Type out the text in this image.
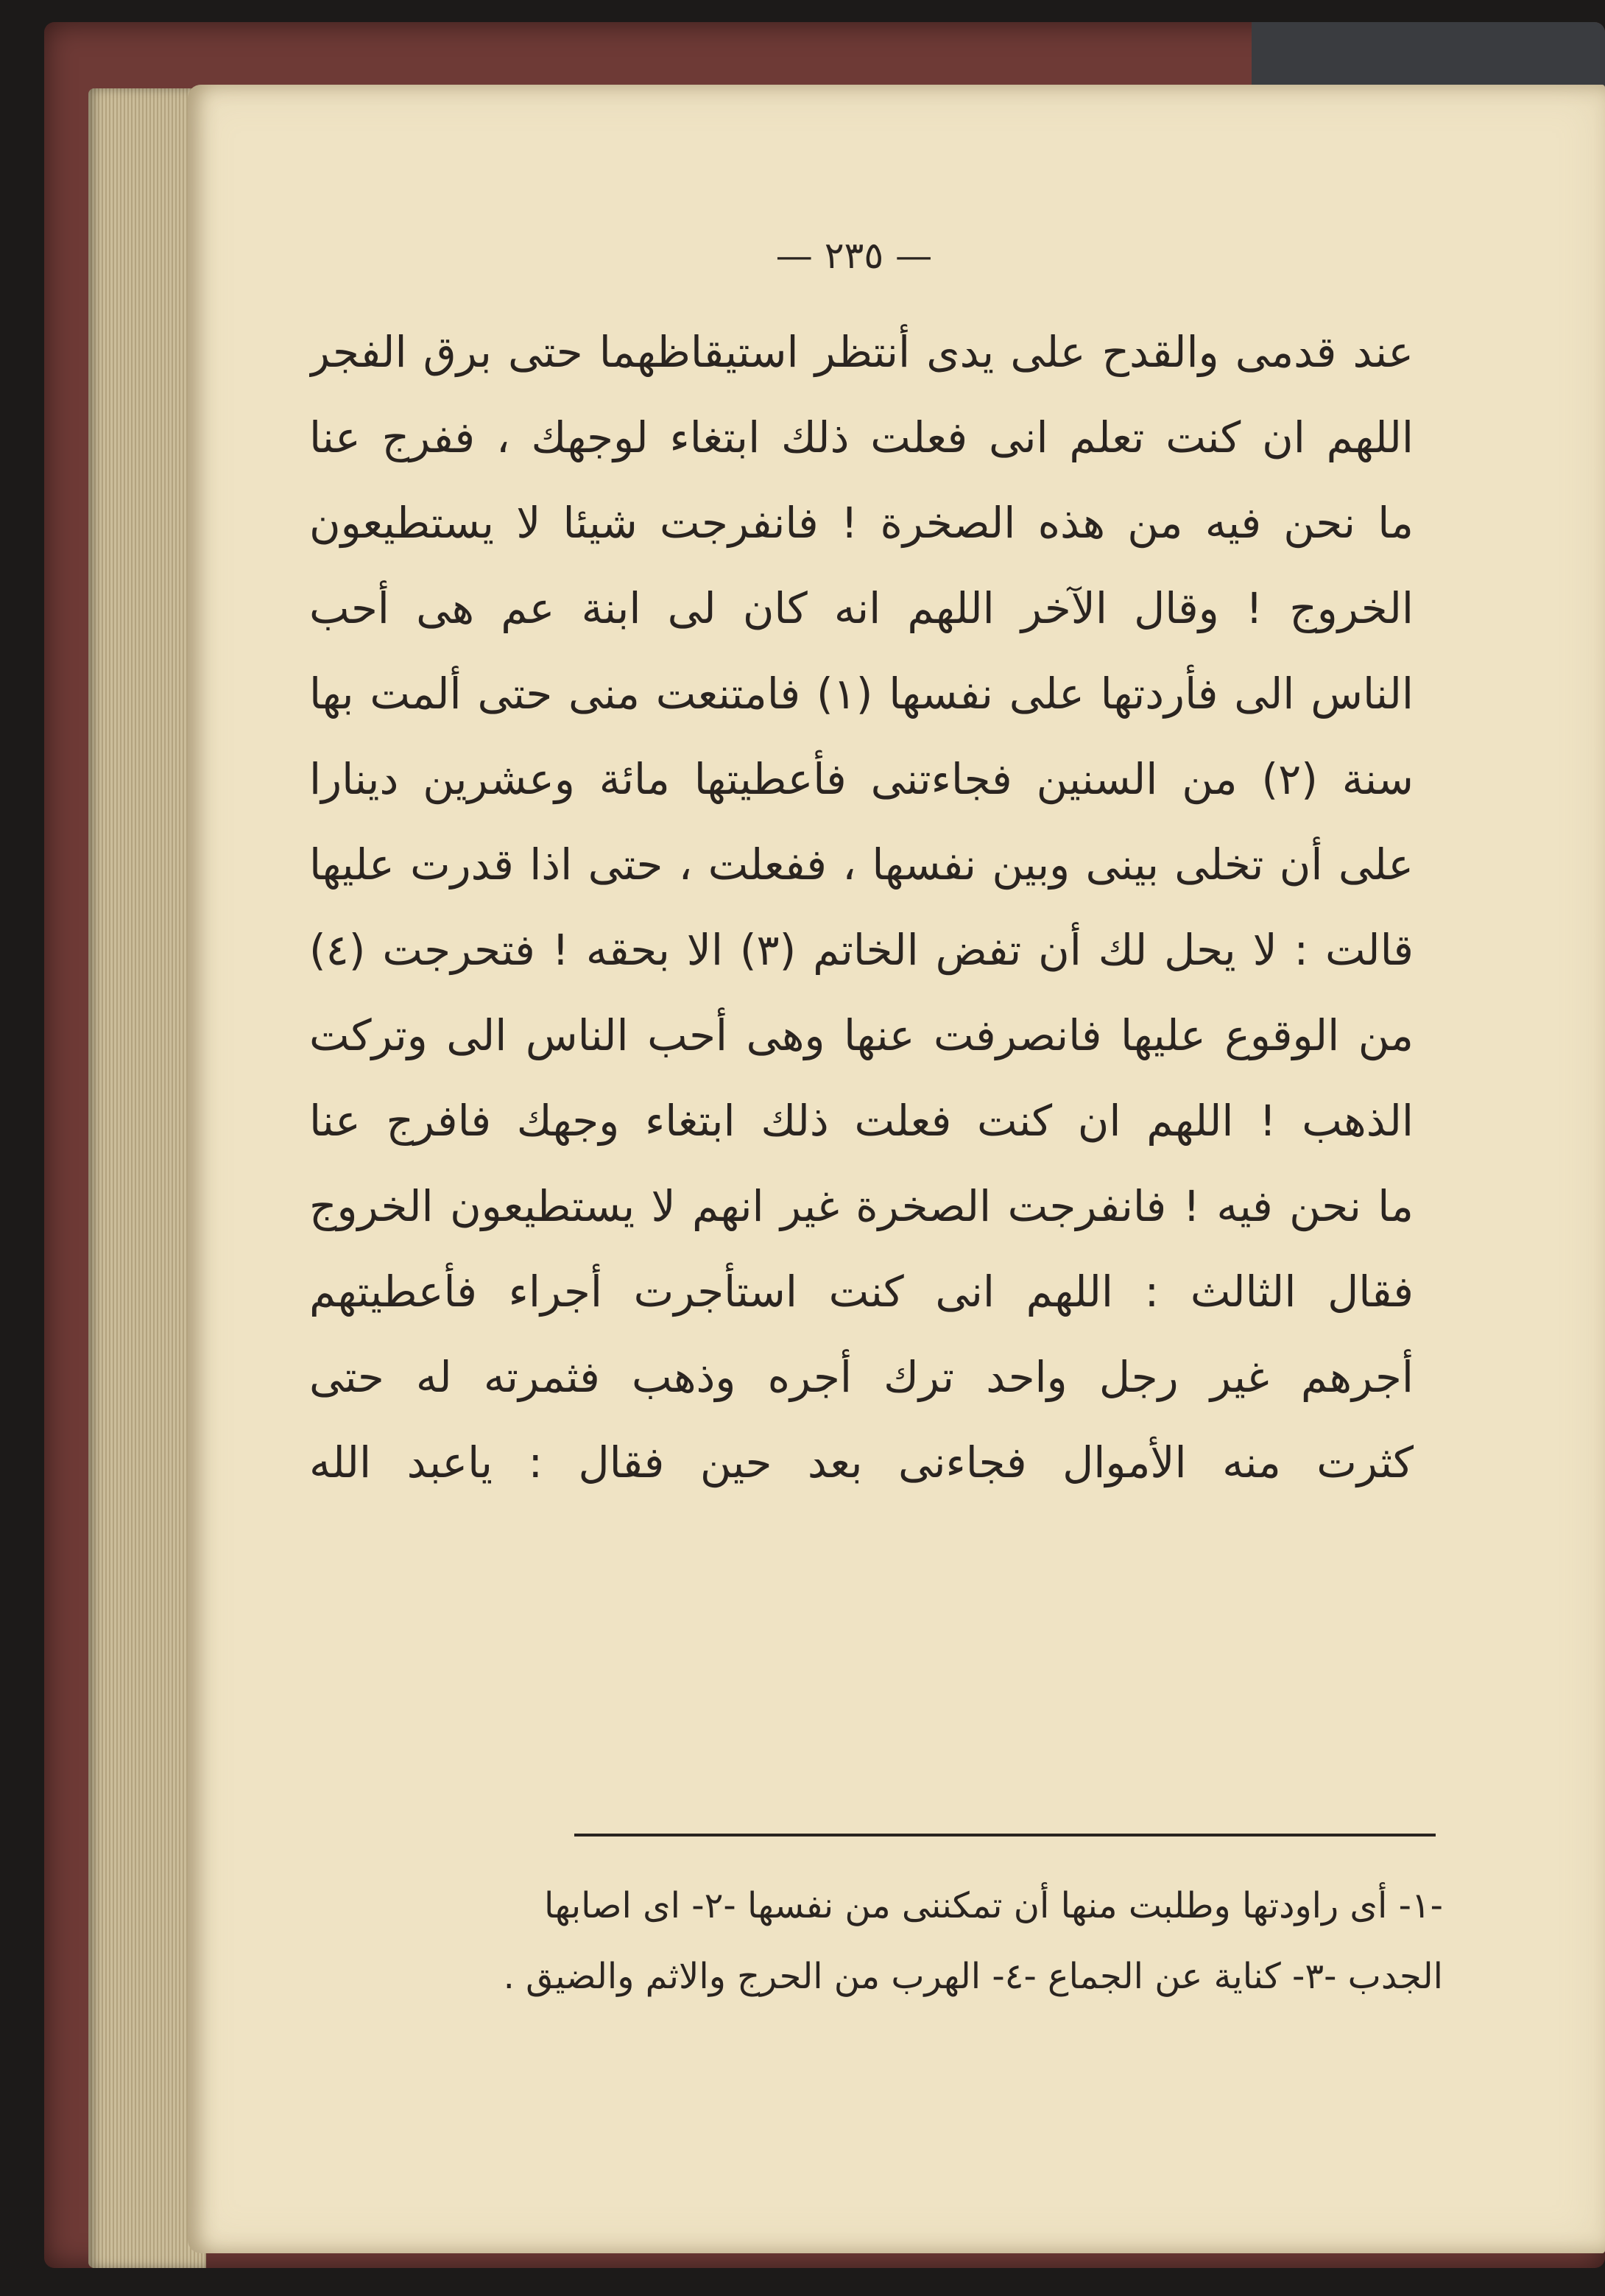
— ٢٣٥ —
عند قدمى والقدح على يدى أنتظر استيقاظهما حتى برق الفجر
اللهم ان كنت تعلم انى فعلت ذلك ابتغاء لوجهك ، ففرج عنا
ما نحن فيه من هذه الصخرة ! فانفرجت شيئا لا يستطيعون
الخروج ! وقال الآخر اللهم انه كان لى ابنة عم هى أحب
الناس الى فأردتها على نفسها (١) فامتنعت منى حتى ألمت بها
سنة (٢) من السنين فجاءتنى فأعطيتها مائة وعشرين دينارا
على أن تخلى بينى وبين نفسها ، ففعلت ، حتى اذا قدرت عليها
قالت : لا يحل لك أن تفض الخاتم (٣) الا بحقه ! فتحرجت (٤)
من الوقوع عليها فانصرفت عنها وهى أحب الناس الى وتركت
الذهب ! اللهم ان كنت فعلت ذلك ابتغاء وجهك فافرج عنا
ما نحن فيه ! فانفرجت الصخرة غير انهم لا يستطيعون الخروج
فقال الثالث : اللهم انى كنت استأجرت أجراء فأعطيتهم
أجرهم غير رجل واحد ترك أجره وذهب فثمرته له حتى
كثرت منه الأموال فجاءنى بعد حين فقال : ياعبد الله
-١- أى راودتها وطلبت منها أن تمكننى من نفسها -٢- اى اصابها
الجدب -٣- كناية عن الجماع -٤- الهرب من الحرج والاثم والضيق .
